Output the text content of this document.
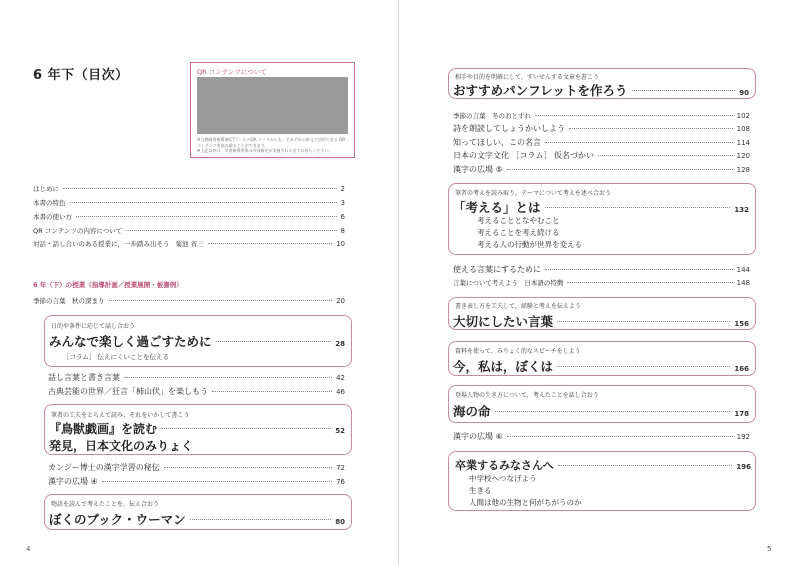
6 年下（目次）	QR コンテンツについて
※当教師用指導書ICTツールのQR コードからも，それぞれの単元で活用できる QR コンテンツを読み取ることができます。
※上記以外は，学習指導要領の内容指定が実施されるまでお待ちください。
はじめに	2
本書の特色	3
本書の使い方	6
QR コンテンツの内容について	8
対話・話し合いのある授業に，一歩踏み出そう 菊池 省三	10
6 年（下）の授業（指導計画／授業展開・板書例）
季節の言葉　秋の深まり	20
日的や条件に応じて話し合おう
みんなで楽しく過ごすために	28
［コラム］ 伝えにくいことを伝える
話し言葉と書き言葉	42
古典芸能の世界／狂言「柿山伏」を楽しもう	46
筆者の工夫をとらえて読み，それをいかして書こう
『鳥獣戯画』を読む	52
発見，日本文化のみりょく
カンジー博士の漢字学習の秘伝	72
漢字の広場 ④	76
物語を読んで考えたことを，伝え合おう
ぼくのブック・ウーマン	80
4
相手や目的を明確にして，すいせんする文章を書こう
おすすめパンフレットを作ろう	90
季節の言葉　冬のおとずれ	102
詩を朗読してしょうかいしよう	108
知ってほしい，この名言	114
日本の文字文化 ［コラム］ 仮名づかい	120
漢字の広場 ⑤	128
筆者の考えを読み取り，テーマについて考えを述べ合おう
「考える」とは	132
考えることとなやむこと
考えることを考え続ける
考える人の行動が世界を変える
使える言葉にするために	144
言葉について考えよう　日本語の特徴	148
書き表し方を工夫して，経験と考えを伝えよう
大切にしたい言葉	156
資料を使って，みりょく的なスピーチをしよう
今，私は，ぼくは	166
登場人物の生き方について，考えたことを話し合おう
海の命	178
漢字の広場 ⑥	192
卒業するみなさんへ	196
中学校へつなげよう
生きる
人間は他の生物と何がちがうのか
5
